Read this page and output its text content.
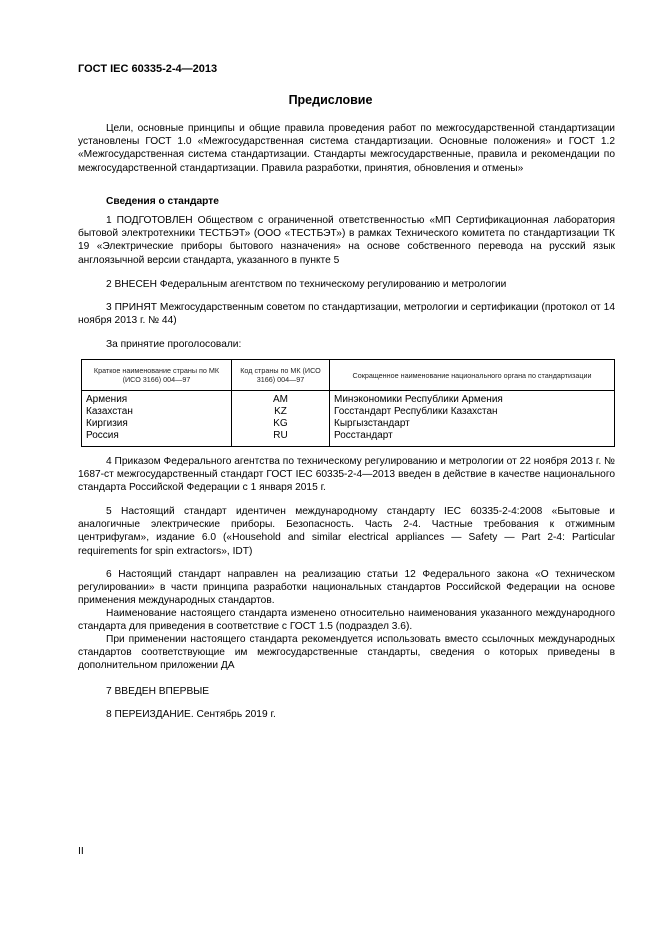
ГОСТ IEC 60335-2-4—2013
Предисловие
Цели, основные принципы и общие правила проведения работ по межгосударственной стандартизации установлены ГОСТ 1.0 «Межгосударственная система стандартизации. Основные положения» и ГОСТ 1.2 «Межгосударственная система стандартизации. Стандарты межгосударственные, правила и рекомендации по межгосударственной стандартизации. Правила разработки, принятия, обновления и отмены»
Сведения о стандарте
1 ПОДГОТОВЛЕН Обществом с ограниченной ответственностью «МП Сертификационная лаборатория бытовой электротехники ТЕСТБЭТ» (ООО «ТЕСТБЭТ») в рамках Технического комитета по стандартизации ТК 19 «Электрические приборы бытового назначения» на основе собственного перевода на русский язык англоязычной версии стандарта, указанного в пункте 5
2 ВНЕСЕН Федеральным агентством по техническому регулированию и метрологии
3 ПРИНЯТ Межгосударственным советом по стандартизации, метрологии и сертификации (протокол от 14 ноября 2013 г. № 44)
За принятие проголосовали:
Краткое наименование страны по МК (ИСО 3166) 004—97	Код страны по МК (ИСО 3166) 004—97	Сокращенное наименование национального органа по стандартизации
Армения	AM	Минэкономики Республики Армения
Казахстан	KZ	Госстандарт Республики Казахстан
Киргизия	KG	Кыргызстандарт
Россия	RU	Росстандарт
4 Приказом Федерального агентства по техническому регулированию и метрологии от 22 ноября 2013 г. № 1687-ст межгосударственный стандарт ГОСТ IEC 60335-2-4—2013 введен в действие в качестве национального стандарта Российской Федерации с 1 января 2015 г.
5 Настоящий стандарт идентичен международному стандарту IEC 60335-2-4:2008 «Бытовые и аналогичные электрические приборы. Безопасность. Часть 2-4. Частные требования к отжимным центрифугам», издание 6.0 («Household and similar electrical appliances — Safety — Part 2-4: Particular requirements for spin extractors», IDT)
6 Настоящий стандарт направлен на реализацию статьи 12 Федерального закона «О техническом регулировании» в части принципа разработки национальных стандартов Российской Федерации на основе применения международных стандартов.
Наименование настоящего стандарта изменено относительно наименования указанного международного стандарта для приведения в соответствие с ГОСТ 1.5 (подраздел 3.6).
При применении настоящего стандарта рекомендуется использовать вместо ссылочных международных стандартов соответствующие им межгосударственные стандарты, сведения о которых приведены в дополнительном приложении ДА
7 ВВЕДЕН ВПЕРВЫЕ
8 ПЕРЕИЗДАНИЕ. Сентябрь 2019 г.
II
